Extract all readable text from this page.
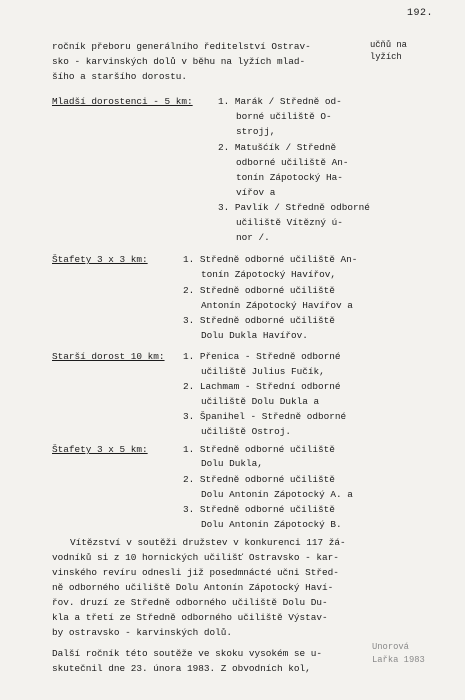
192.
učňů na
lyžích
ročník přeboru generálního ředitelství Ostrav-
sko - karvinských dolů v běhu na lyžích mlad-
šího a staršího dorostu.
Mladší dorostenci - 5 km:	1. Marák / Středně od-
borné učiliště O-
strojj,
2. Matušćík / Středně
odborné učiliště An-
tonín Zápotocký Ha-
vířov a
3. Pavlík / Středně odborné
učiliště Vítězný ú-
nor /.
Štafety 3 x 3 km:	1. Středně odborné učiliště An-
tonín Zápotocký Havířov,
2. Středně odborné učiliště
Antonín Zápotocký Havířov a
3. Středně odborné učiliště
Dolu Dukla Havířov.
Starší dorost 10 km: 1. Přenica - Středně odborné
učiliště Julius Fučík,
2. Lachmam - Střední odborné
učiliště Dolu Dukla a
3. Španihel - Středně odborné
učiliště Ostroj.
Štafety 3 x 5 km:	1. Středně odborné učiliště
Dolu Dukla,
2. Středně odborné učiliště
Dolu Antonín Zápotocký A. a
3. Středně odborné učiliště
Dolu Antonín Zápotocký B.
Vítězství v soutěži družstev v konkurenci 117 žá-
vodníků si z 10 hornických učilišť Ostravsko - kar-
vinského revíru odnesli již posedmnácté učni Střed-
ně odborného učiliště Dolu Antonín Zápotocký Haví-
řov. druzí ze Středně odborného učiliště Dolu Du-
kla a třetí ze Středně odborného učiliště Výstav-
by ostravsko - karvinských dolů.
Další ročník této soutěže ve skoku vysokém se u-
skutečnil dne 23. února 1983. Z obvodních kol,
Unorová
Lařka 1983
